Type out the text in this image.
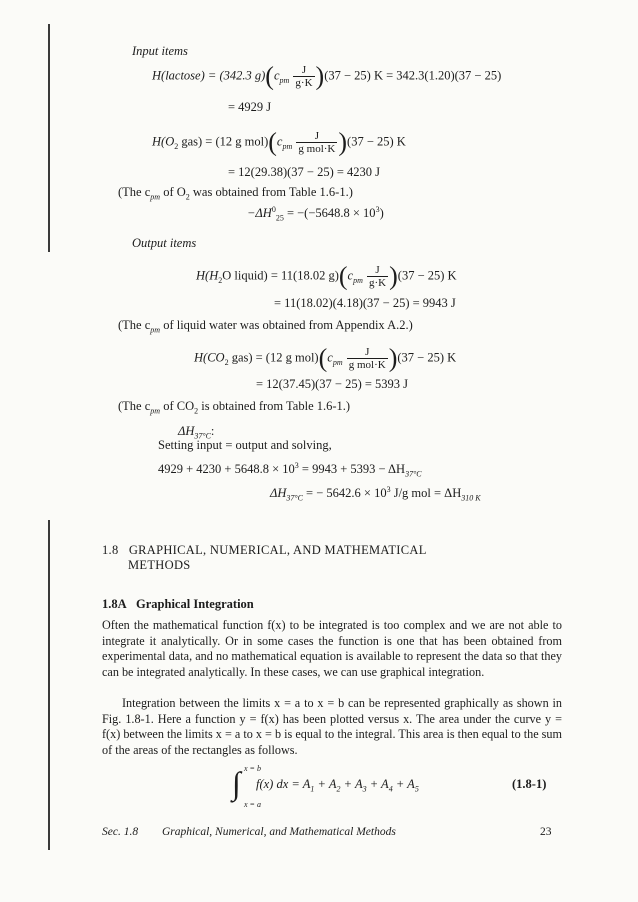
Input items
H(lactose) = (342.3 $g)(c_{pm} \frac{J}{g\cdot K} )(37 - 25)$ K = 342.3(1.20)(37 − 25)
= 4929 J
$H(O_2$ gas) = (12 g $mol)(c_{pm} \frac{J}{\text{g mol·K}} )(37 - 25)$ K
= 12(29.38)(37 − 25) = 4230 J
(The $c_{pm}$ of $O_2$ was obtained from Table 1.6-1.)
$-\Delta H^0_{25} = -(-5648.8 \times 10^3)$
Output items
$H(H_2O$ liquid) = 11(18.02 $g)(c_{pm} \frac{J}{g\cdot K} )(37 - 25)$ K
= 11(18.02)(4.18)(37 − 25) = 9943 J
(The $c_{pm}$ of liquid water was obtained from Appendix A.2.)
$H(CO_2$ gas) = (12 g $mol)(c_{pm} \frac{J}{\text{g mol·K}} )(37 - 25)$ K
= 12(37.45)(37 − 25) = 5393 J
(The $c_{pm}$ of $CO_2$ is obtained from Table 1.6-1.)
$\Delta H_{37^\circ C}$:
Setting input = output and solving,
$4929 + 4230 + 5648.8 \times 10^3 = 9943 + 5393 - \Delta H_{37^\circ C}$
$\Delta H_{37^\circ C}$ = − $5642.6 \times 10^3$ J/g mol = $\Delta H_{310 K}$
1.8 GRAPHICAL, NUMERICAL, AND MATHEMATICAL
METHODS
1.8A Graphical Integration
Often the mathematical function f(x) to be integrated is too complex and we are not able to integrate it analytically. Or in some cases the function is one that has been obtained from experimental data, and no mathematical equation is available to represent the data so that they can be integrated analytically. In these cases, we can use graphical integration.
Integration between the limits x = a to x = b can be represented graphically as shown in Fig. 1.8-1. Here a function y = f(x) has been plotted versus x. The area under the curve y = f(x) between the limits x = a to x = b is equal to the integral. This area is then equal to the sum of the areas of the rectangles as follows.
∫ x = b
x = a
f(x) dx = $A_1 + A_2 + A_3 + A_4 + A_5$	(1.8-1)
Sec. 1.8 Graphical, Numerical, and Mathematical Methods	23
